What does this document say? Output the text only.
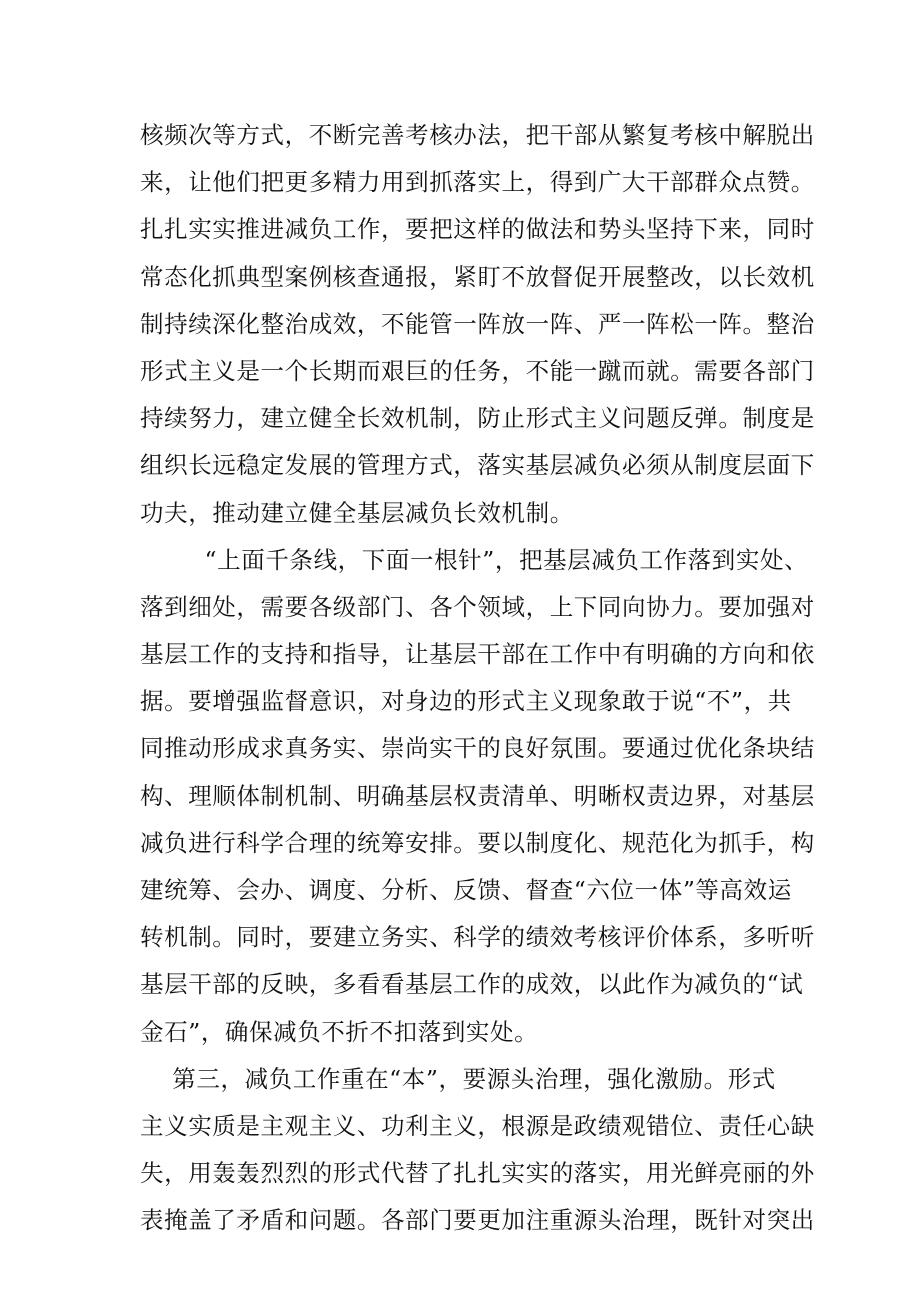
核频次等方式，不断完善考核办法，把干部从繁复考核中解脱出
来，让他们把更多精力用到抓落实上，得到广大干部群众点赞。
扎扎实实推进减负工作，要把这样的做法和势头坚持下来，同时
常态化抓典型案例核查通报，紧盯不放督促开展整改，以长效机
制持续深化整治成效，不能管一阵放一阵、严一阵松一阵。整治
形式主义是一个长期而艰巨的任务，不能一蹴而就。需要各部门
持续努力，建立健全长效机制，防止形式主义问题反弹。制度是
组织长远稳定发展的管理方式，落实基层减负必须从制度层面下
功夫，推动建立健全基层减负长效机制。
“上面千条线，下面一根针”，把基层减负工作落到实处、
落到细处，需要各级部门、各个领域，上下同向协力。要加强对
基层工作的支持和指导，让基层干部在工作中有明确的方向和依
据。要增强监督意识，对身边的形式主义现象敢于说“不”，共
同推动形成求真务实、崇尚实干的良好氛围。要通过优化条块结
构、理顺体制机制、明确基层权责清单、明晰权责边界，对基层
减负进行科学合理的统筹安排。要以制度化、规范化为抓手，构
建统筹、会办、调度、分析、反馈、督查“六位一体”等高效运
转机制。同时，要建立务实、科学的绩效考核评价体系，多听听
基层干部的反映，多看看基层工作的成效，以此作为减负的“试
金石”，确保减负不折不扣落到实处。
第三，减负工作重在“本”，要源头治理，强化激励。形式
主义实质是主观主义、功利主义，根源是政绩观错位、责任心缺
失，用轰轰烈烈的形式代替了扎扎实实的落实，用光鲜亮丽的外
表掩盖了矛盾和问题。各部门要更加注重源头治理，既针对突出
